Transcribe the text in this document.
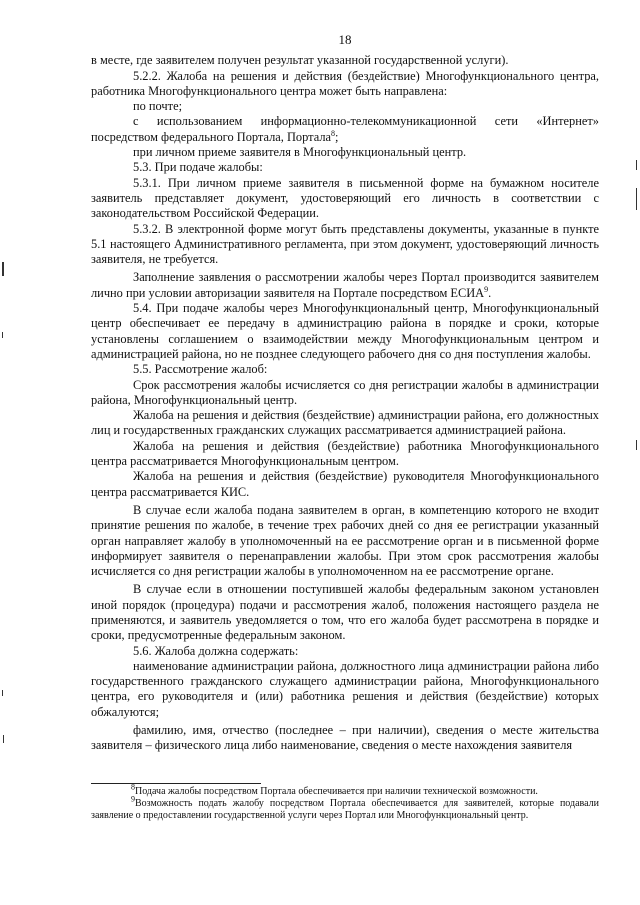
18

в месте, где заявителем получен результат указанной государственной услуги).

5.2.2. Жалоба на решения и действия (бездействие) Многофункционального центра, работника Многофункционального центра может быть направлена:

по почте;

с использованием информационно-телекоммуникационной сети «Интернет» посредством федерального Портала, Портала$^8$;

при личном приеме заявителя в Многофункциональный центр.

5.3. При подаче жалобы:

5.3.1. При личном приеме заявителя в письменной форме на бумажном носителе заявитель представляет документ, удостоверяющий его личность в соответствии с законодательством Российской Федерации.

5.3.2. В электронной форме могут быть представлены документы, указанные в пункте 5.1 настоящего Административного регламента, при этом документ, удостоверяющий личность заявителя, не требуется.

Заполнение заявления о рассмотрении жалобы через Портал производится заявителем лично при условии авторизации заявителя на Портале посредством ЕСИА$^9$.

5.4. При подаче жалобы через Многофункциональный центр, Многофункциональный центр обеспечивает ее передачу в администрацию района в порядке и сроки, которые установлены соглашением о взаимодействии между Многофункциональным центром и администрацией района, но не позднее следующего рабочего дня со дня поступления жалобы.

5.5. Рассмотрение жалоб:

Срок рассмотрения жалобы исчисляется со дня регистрации жалобы в администрации района, Многофункциональный центр.

Жалоба на решения и действия (бездействие) администрации района, его должностных лиц и государственных гражданских служащих рассматривается администрацией района.

Жалоба на решения и действия (бездействие) работника Многофункционального центра рассматривается Многофункциональным центром.

Жалоба на решения и действия (бездействие) руководителя Многофункционального центра рассматривается КИС.

В случае если жалоба подана заявителем в орган, в компетенцию которого не входит принятие решения по жалобе, в течение трех рабочих дней со дня ее регистрации указанный орган направляет жалобу в уполномоченный на ее рассмотрение орган и в письменной форме информирует заявителя о перенаправлении жалобы. При этом срок рассмотрения жалобы исчисляется со дня регистрации жалобы в уполномоченном на ее рассмотрение органе.

В случае если в отношении поступившей жалобы федеральным законом установлен иной порядок (процедура) подачи и рассмотрения жалоб, положения настоящего раздела не применяются, и заявитель уведомляется о том, что его жалоба будет рассмотрена в порядке и сроки, предусмотренные федеральным законом.

5.6. Жалоба должна содержать:

наименование администрации района, должностного лица администрации района либо государственного гражданского служащего администрации района, Многофункционального центра, его руководителя и (или) работника решения и действия (бездействие) которых обжалуются;

фамилию, имя, отчество (последнее – при наличии), сведения о месте жительства заявителя – физического лица либо наименование, сведения о месте нахождения заявителя

$^8$Подача жалобы посредством Портала обеспечивается при наличии технической возможности.

$^9$Возможность подать жалобу посредством Портала обеспечивается для заявителей, которые подавали заявление о предоставлении государственной услуги через Портал или Многофункциональный центр.
